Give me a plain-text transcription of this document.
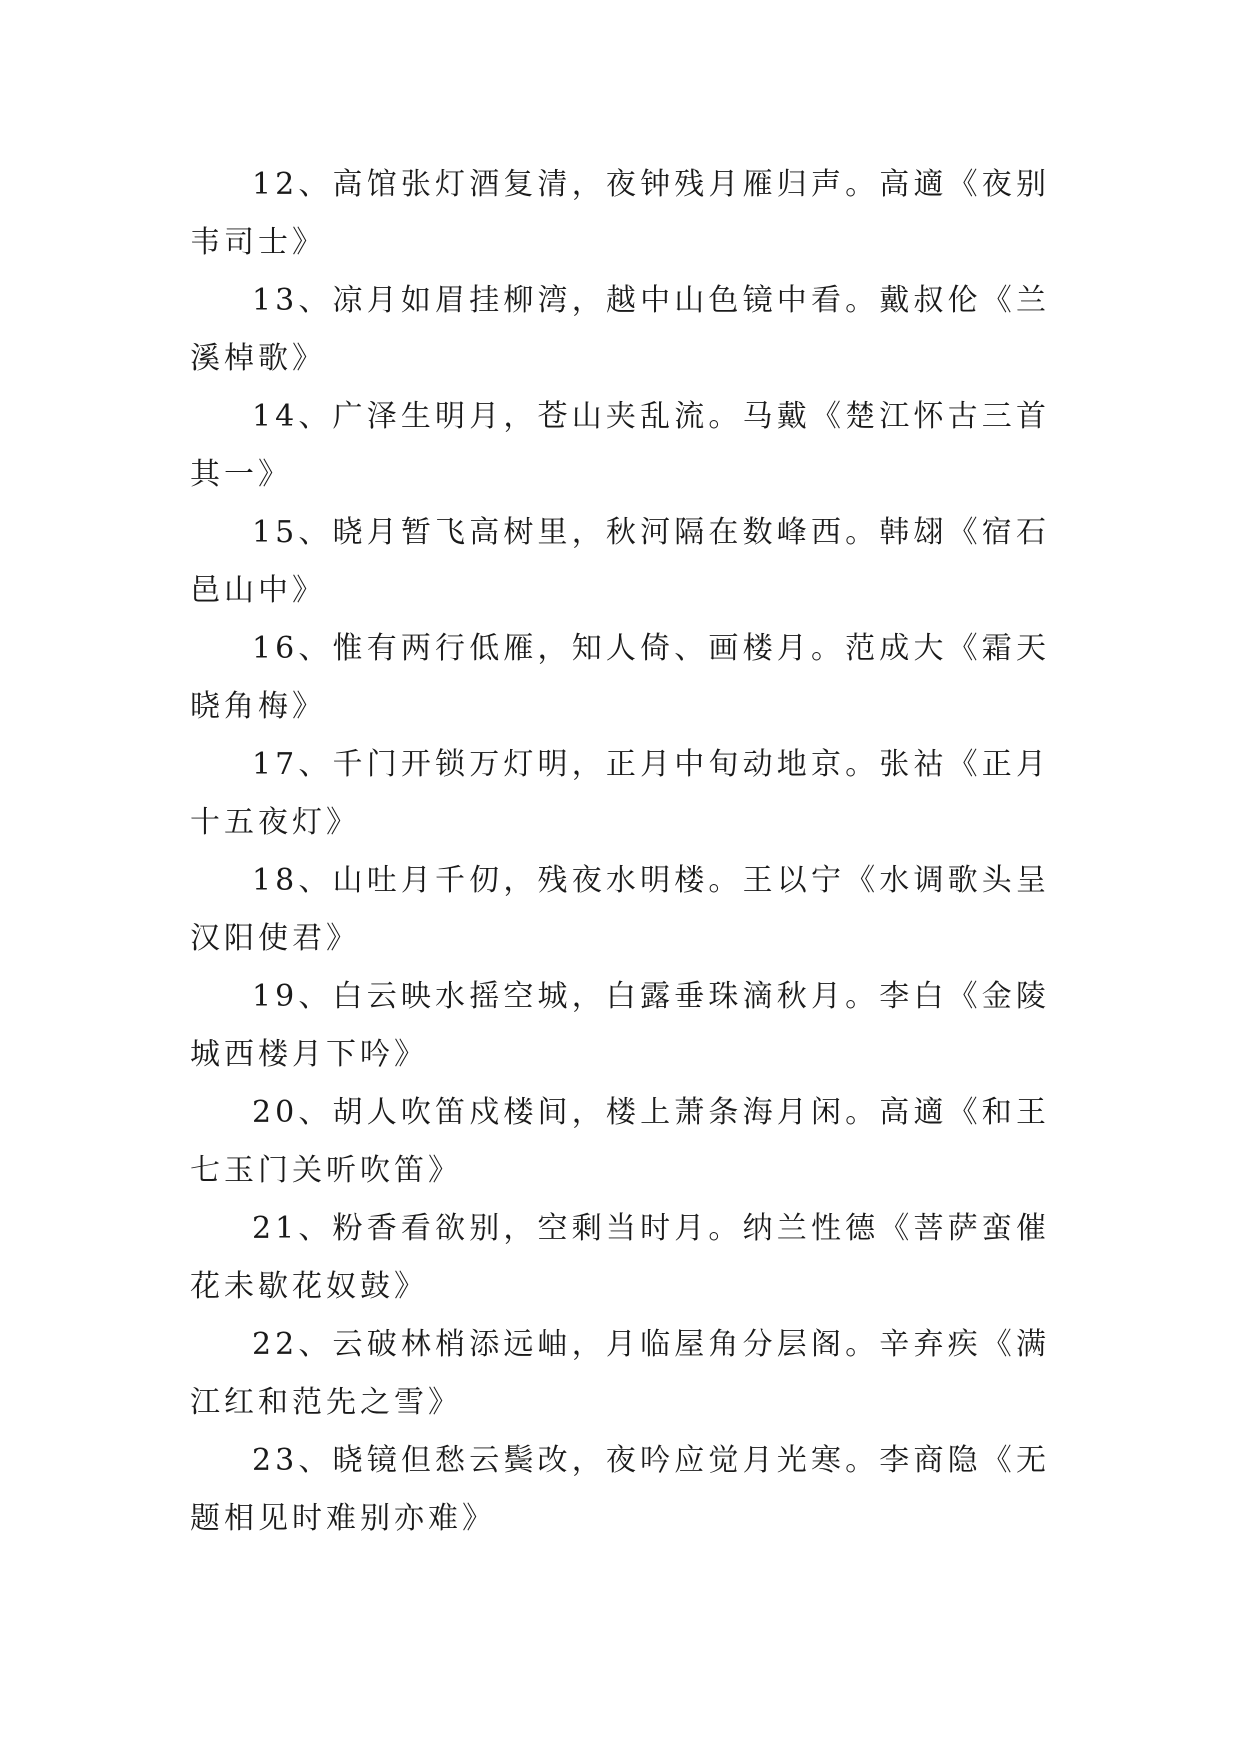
12、高馆张灯酒复清，夜钟残月雁归声。高適《夜别韦司士》

13、凉月如眉挂柳湾，越中山色镜中看。戴叔伦《兰溪棹歌》

14、广泽生明月，苍山夹乱流。马戴《楚江怀古三首其一》

15、晓月暂飞高树里，秋河隔在数峰西。韩翃《宿石邑山中》

16、惟有两行低雁，知人倚、画楼月。范成大《霜天晓角梅》

17、千门开锁万灯明，正月中旬动地京。张祜《正月十五夜灯》

18、山吐月千仞，残夜水明楼。王以宁《水调歌头呈汉阳使君》

19、白云映水摇空城，白露垂珠滴秋月。李白《金陵城西楼月下吟》

20、胡人吹笛戍楼间，楼上萧条海月闲。高適《和王七玉门关听吹笛》

21、粉香看欲别，空剩当时月。纳兰性德《菩萨蛮催花未歇花奴鼓》

22、云破林梢添远岫，月临屋角分层阁。辛弃疾《满江红和范先之雪》

23、晓镜但愁云鬓改，夜吟应觉月光寒。李商隐《无题相见时难别亦难》
